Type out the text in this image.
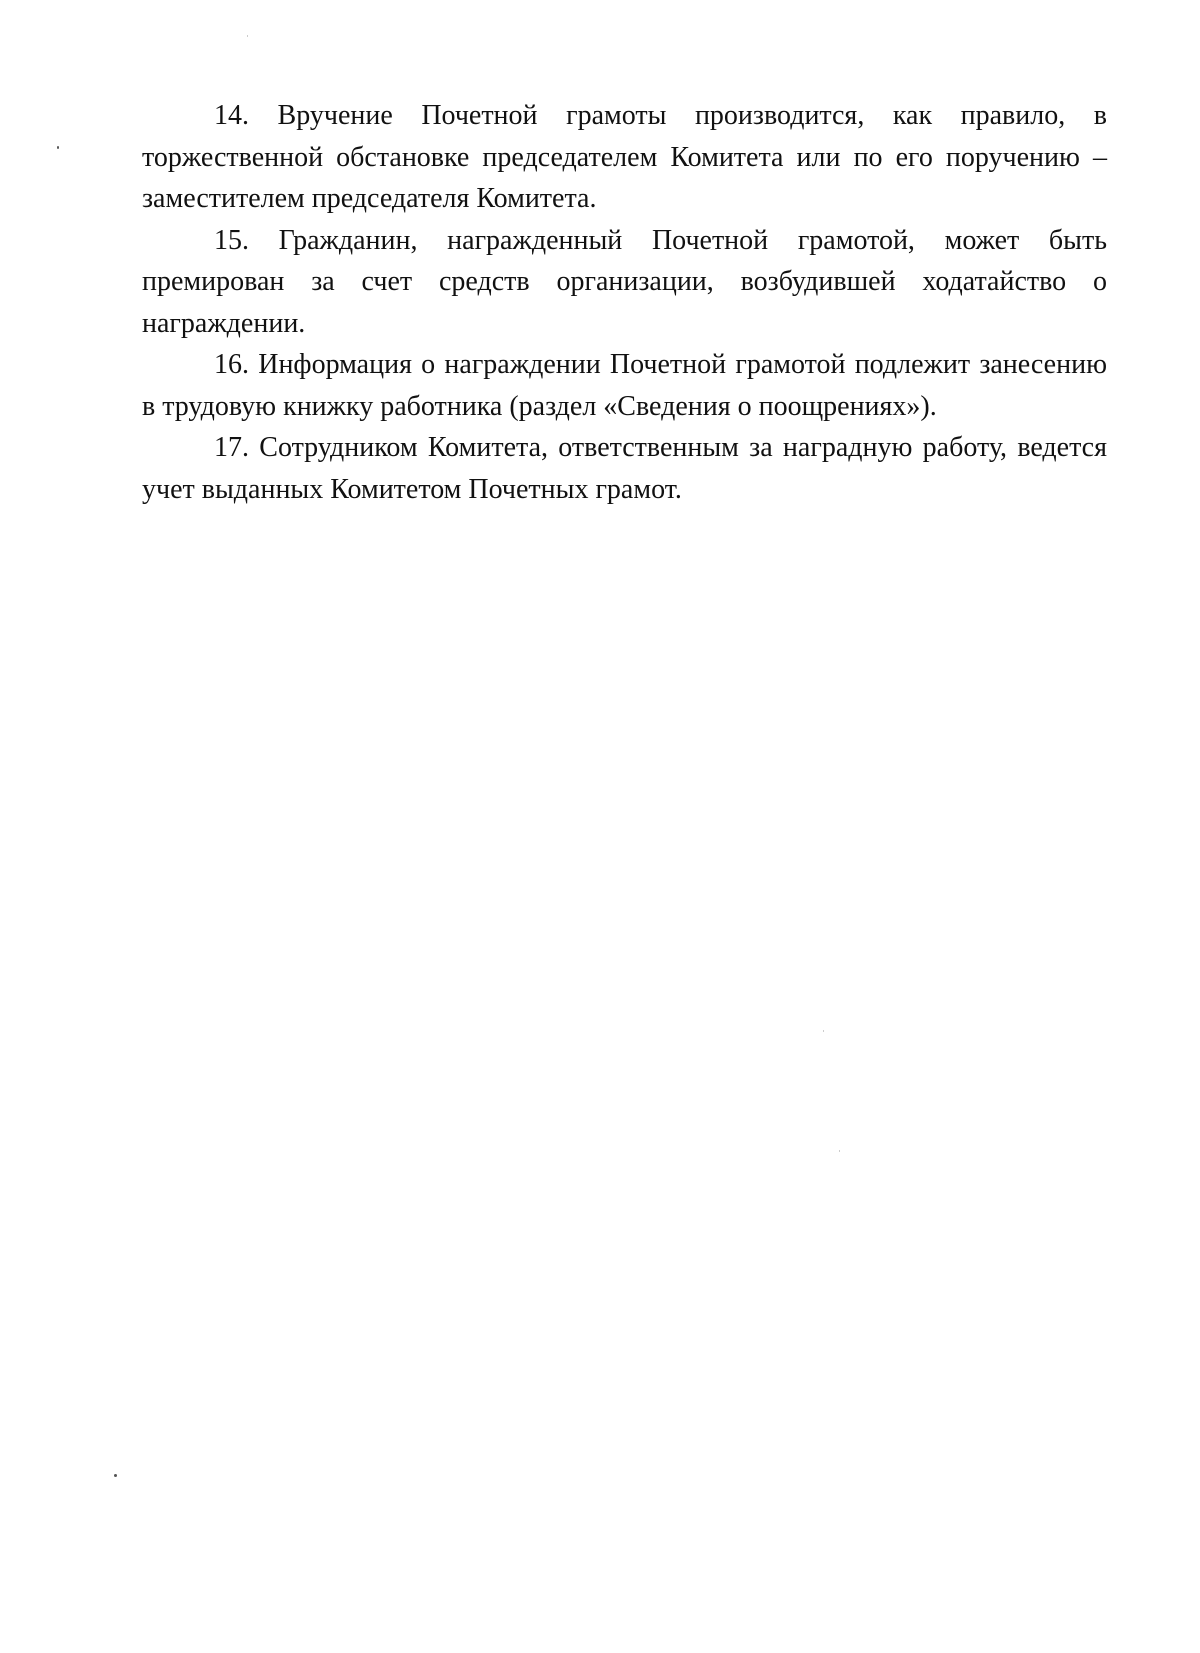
14. Вручение Почетной грамоты производится, как правило, в торжественной обстановке председателем Комитета или по его поручению – заместителем председателя Комитета.

15. Гражданин, награжденный Почетной грамотой, может быть премирован за счет средств организации, возбудившей ходатайство о награждении.

16. Информация о награждении Почетной грамотой подлежит занесению в трудовую книжку работника (раздел «Сведения о поощрениях»).

17. Сотрудником Комитета, ответственным за наградную работу, ведется учет выданных Комитетом Почетных грамот.
